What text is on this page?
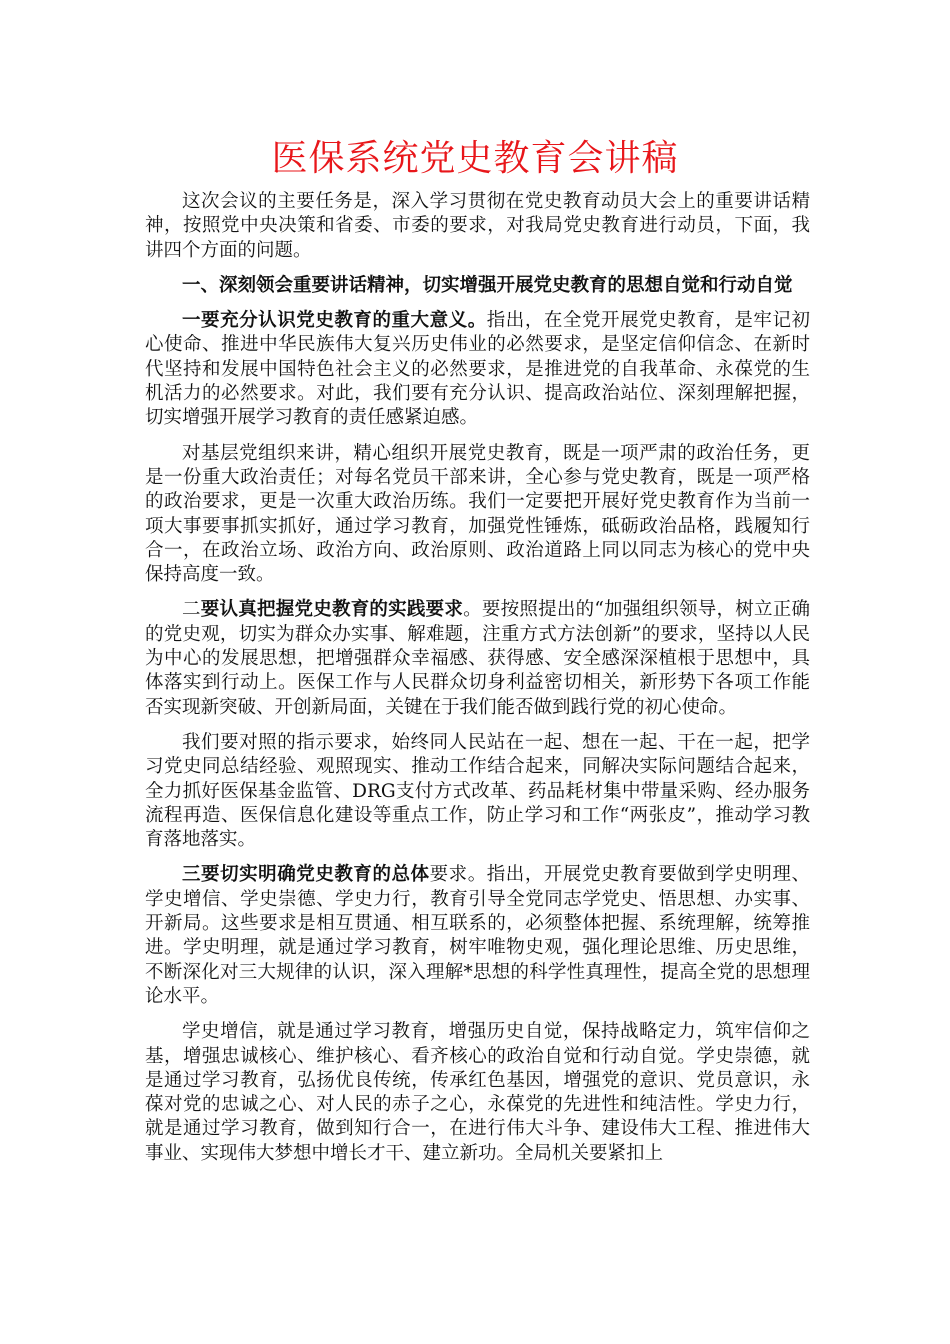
医保系统党史教育会讲稿

这次会议的主要任务是，深入学习贯彻在党史教育动员大会上的重要讲话精神，按照党中央决策和省委、市委的要求，对我局党史教育进行动员，下面，我讲四个方面的问题。

一、深刻领会重要讲话精神，切实增强开展党史教育的思想自觉和行动自觉

一要充分认识党史教育的重大意义。指出，在全党开展党史教育，是牢记初心使命、推进中华民族伟大复兴历史伟业的必然要求，是坚定信仰信念、在新时代坚持和发展中国特色社会主义的必然要求，是推进党的自我革命、永葆党的生机活力的必然要求。对此，我们要有充分认识、提高政治站位、深刻理解把握，切实增强开展学习教育的责任感紧迫感。

对基层党组织来讲，精心组织开展党史教育，既是一项严肃的政治任务，更是一份重大政治责任；对每名党员干部来讲，全心参与党史教育，既是一项严格的政治要求，更是一次重大政治历练。我们一定要把开展好党史教育作为当前一项大事要事抓实抓好，通过学习教育，加强党性锤炼，砥砺政治品格，践履知行合一，在政治立场、政治方向、政治原则、政治道路上同以同志为核心的党中央保持高度一致。

二要认真把握党史教育的实践要求。要按照提出的“加强组织领导，树立正确的党史观，切实为群众办实事、解难题，注重方式方法创新”的要求，坚持以人民为中心的发展思想，把增强群众幸福感、获得感、安全感深深植根于思想中，具体落实到行动上。医保工作与人民群众切身利益密切相关，新形势下各项工作能否实现新突破、开创新局面，关键在于我们能否做到践行党的初心使命。

我们要对照的指示要求，始终同人民站在一起、想在一起、干在一起，把学习党史同总结经验、观照现实、推动工作结合起来，同解决实际问题结合起来，全力抓好医保基金监管、DRG支付方式改革、药品耗材集中带量采购、经办服务流程再造、医保信息化建设等重点工作，防止学习和工作“两张皮”，推动学习教育落地落实。

三要切实明确党史教育的总体要求。指出，开展党史教育要做到学史明理、学史增信、学史崇德、学史力行，教育引导全党同志学党史、悟思想、办实事、开新局。这些要求是相互贯通、相互联系的，必须整体把握、系统理解，统筹推进。学史明理，就是通过学习教育，树牢唯物史观，强化理论思维、历史思维，不断深化对三大规律的认识，深入理解*思想的科学性真理性，提高全党的思想理论水平。

学史增信，就是通过学习教育，增强历史自觉，保持战略定力，筑牢信仰之基，增强忠诚核心、维护核心、看齐核心的政治自觉和行动自觉。学史崇德，就是通过学习教育，弘扬优良传统，传承红色基因，增强党的意识、党员意识，永葆对党的忠诚之心、对人民的赤子之心，永葆党的先进性和纯洁性。学史力行，就是通过学习教育，做到知行合一，在进行伟大斗争、建设伟大工程、推进伟大事业、实现伟大梦想中增长才干、建立新功。全局机关要紧扣上
